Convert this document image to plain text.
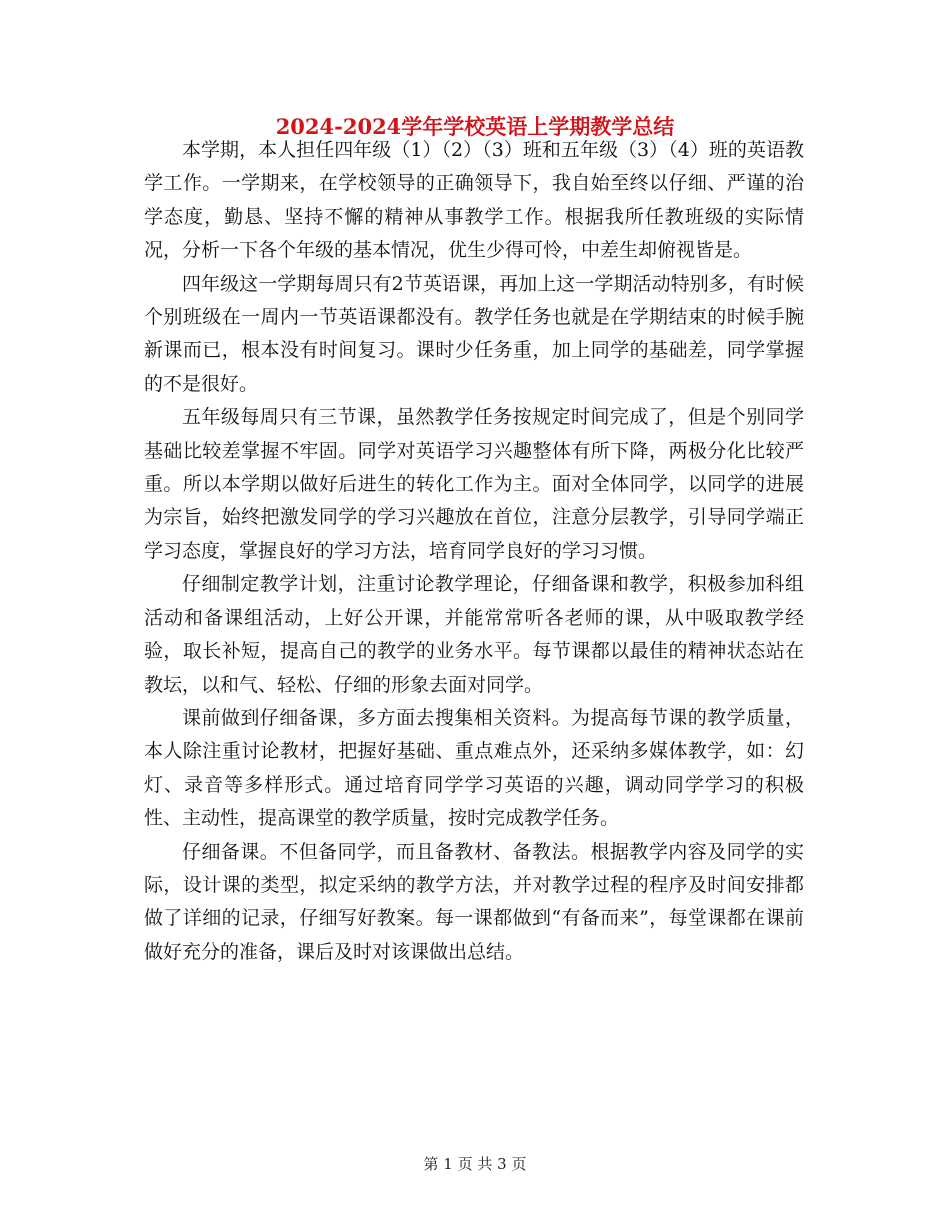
2024-2024学年学校英语上学期教学总结

本学期，本人担任四年级（1）（2）（3）班和五年级（3）（4）班的英语教学工作。一学期来，在学校领导的正确领导下，我自始至终以仔细、严谨的治学态度，勤恳、坚持不懈的精神从事教学工作。根据我所任教班级的实际情况，分析一下各个年级的基本情况，优生少得可怜，中差生却俯视皆是。

四年级这一学期每周只有2节英语课，再加上这一学期活动特别多，有时候个别班级在一周内一节英语课都没有。教学任务也就是在学期结束的时候手腕新课而已，根本没有时间复习。课时少任务重，加上同学的基础差，同学掌握的不是很好。

五年级每周只有三节课，虽然教学任务按规定时间完成了，但是个别同学基础比较差掌握不牢固。同学对英语学习兴趣整体有所下降，两极分化比较严重。所以本学期以做好后进生的转化工作为主。面对全体同学，以同学的进展为宗旨，始终把激发同学的学习兴趣放在首位，注意分层教学，引导同学端正学习态度，掌握良好的学习方法，培育同学良好的学习习惯。

仔细制定教学计划，注重讨论教学理论，仔细备课和教学，积极参加科组活动和备课组活动，上好公开课，并能常常听各老师的课，从中吸取教学经验，取长补短，提高自己的教学的业务水平。每节课都以最佳的精神状态站在教坛，以和气、轻松、仔细的形象去面对同学。

课前做到仔细备课，多方面去搜集相关资料。为提高每节课的教学质量，本人除注重讨论教材，把握好基础、重点难点外，还采纳多媒体教学，如：幻灯、录音等多样形式。通过培育同学学习英语的兴趣，调动同学学习的积极性、主动性，提高课堂的教学质量，按时完成教学任务。

仔细备课。不但备同学，而且备教材、备教法。根据教学内容及同学的实际，设计课的类型，拟定采纳的教学方法，并对教学过程的程序及时间安排都做了详细的记录，仔细写好教案。每一课都做到“有备而来”，每堂课都在课前做好充分的准备，课后及时对该课做出总结。

第 1 页 共 3 页
